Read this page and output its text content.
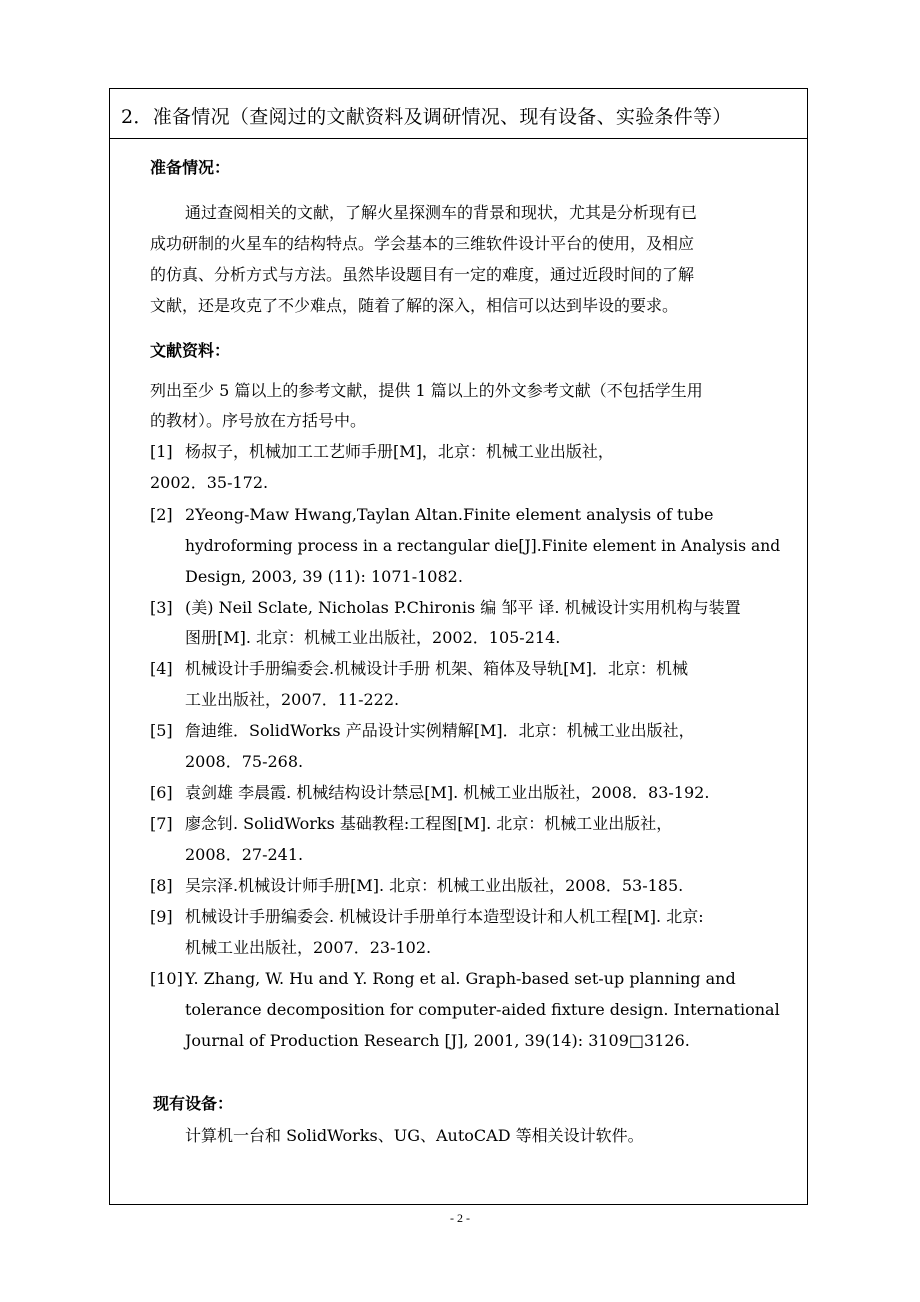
2．准备情况（查阅过的文献资料及调研情况、现有设备、实验条件等）
准备情况：
通过查阅相关的文献，了解火星探测车的背景和现状，尤其是分析现有已
成功研制的火星车的结构特点。学会基本的三维软件设计平台的使用，及相应
的仿真、分析方式与方法。虽然毕设题目有一定的难度，通过近段时间的了解
文献，还是攻克了不少难点，随着了解的深入，相信可以达到毕设的要求。
文献资料：
列出至少 5 篇以上的参考文献，提供 1 篇以上的外文参考文献（不包括学生用
的教材）。序号放在方括号中。
[1] 杨叔子，机械加工工艺师手册[M]，北京：机械工业出版社，
2002．35-172.
[2] 2Yeong-Maw Hwang,Taylan Altan.Finite element analysis of tube
hydroforming process in a rectangular die[J].Finite element in Analysis and
Design, 2003, 39 (11): 1071-1082.
[3] (美) Neil Sclate, Nicholas P.Chironis 编 邹平 译. 机械设计实用机构与装置
图册[M]. 北京：机械工业出版社，2002．105-214.
[4] 机械设计手册编委会.机械设计手册 机架、箱体及导轨[M]．北京：机械
工业出版社，2007．11-222.
[5] 詹迪维．SolidWorks 产品设计实例精解[M]．北京：机械工业出版社，
2008．75-268.
[6] 袁剑雄 李晨霞. 机械结构设计禁忌[M]. 机械工业出版社，2008．83-192.
[7] 廖念钊. SolidWorks 基础教程:工程图[M]. 北京：机械工业出版社，
2008．27-241.
[8] 吴宗泽.机械设计师手册[M]. 北京：机械工业出版社，2008．53-185.
[9] 机械设计手册编委会. 机械设计手册单行本造型设计和人机工程[M]. 北京:
机械工业出版社，2007．23-102.
[10] Y. Zhang, W. Hu and Y. Rong et al. Graph-based set-up planning and
tolerance decomposition for computer-aided fixture design. International
Journal of Production Research [J], 2001, 39(14): 3109□3126.
现有设备：
计算机一台和 SolidWorks、UG、AutoCAD 等相关设计软件。
- 2 -
